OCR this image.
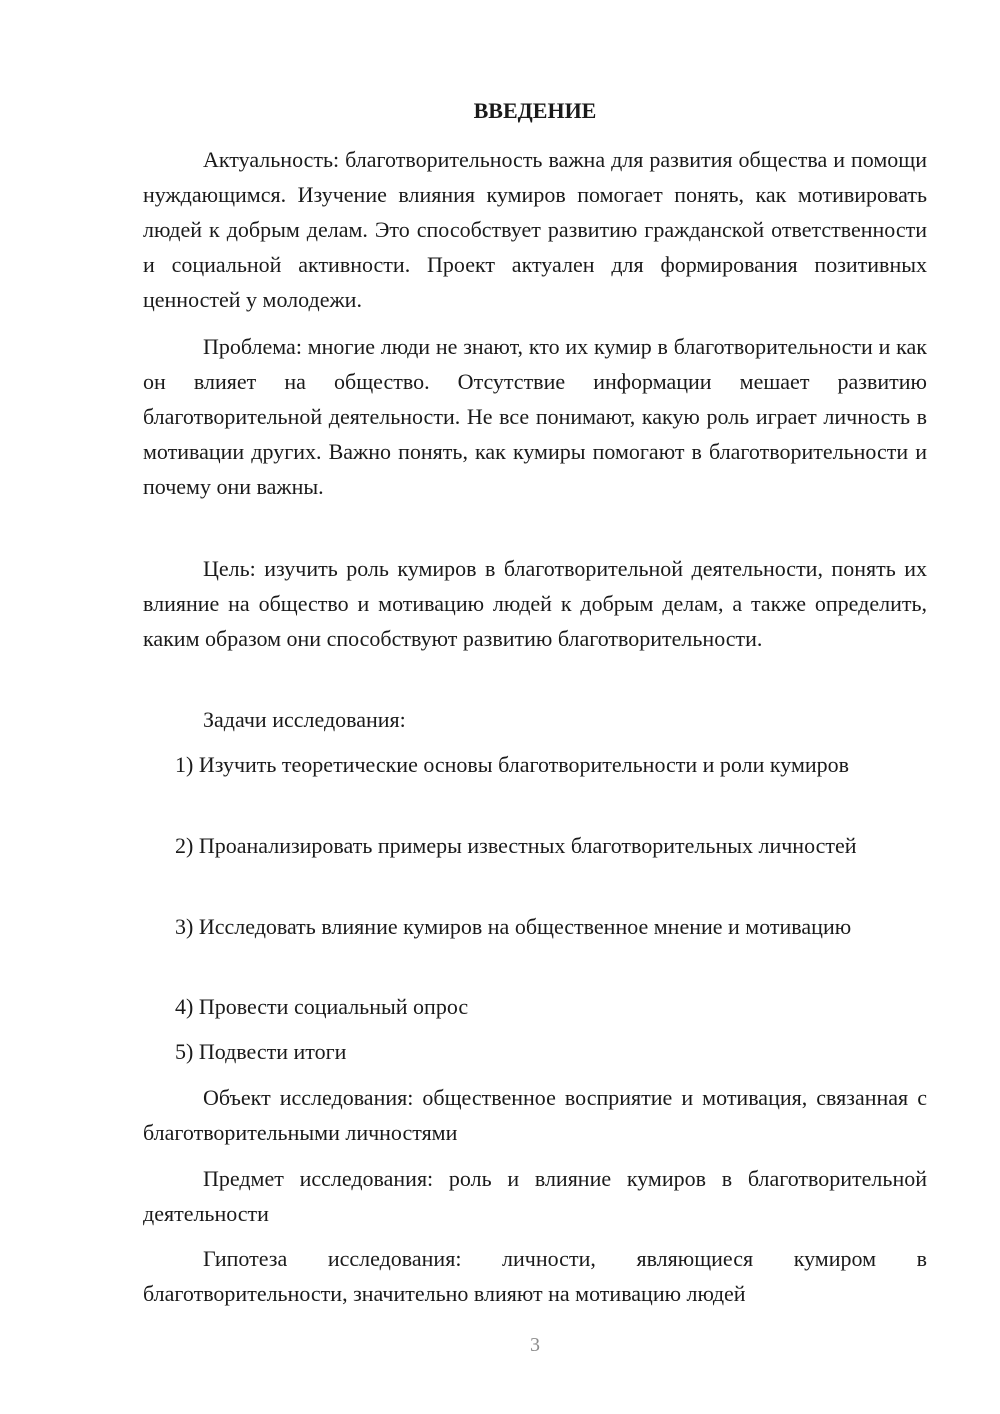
ВВЕДЕНИЕ

Актуальность: благотворительность важна для развития общества и помощи нуждающимся. Изучение влияния кумиров помогает понять, как мотивировать людей к добрым делам. Это способствует развитию гражданской ответственности и социальной активности. Проект актуален для формирования позитивных ценностей у молодежи.

Проблема: многие люди не знают, кто их кумир в благотворительности и как он влияет на общество. Отсутствие информации мешает развитию благотворительной деятельности. Не все понимают, какую роль играет личность в мотивации других. Важно понять, как кумиры помогают в благотворительности и почему они важны.

Цель: изучить роль кумиров в благотворительной деятельности, понять их влияние на общество и мотивацию людей к добрым делам, а также определить, каким образом они способствуют развитию благотворительности.

Задачи исследования:

1) Изучить теоретические основы благотворительности и роли кумиров

2) Проанализировать примеры известных благотворительных личностей

3) Исследовать влияние кумиров на общественное мнение и мотивацию

4) Провести социальный опрос

5) Подвести итоги

Объект исследования: общественное восприятие и мотивация, связанная с благотворительными личностями

Предмет исследования: роль и влияние кумиров в благотворительной деятельности

Гипотеза исследования: личности, являющиеся кумиром в благотворительности, значительно влияют на мотивацию людей

3
